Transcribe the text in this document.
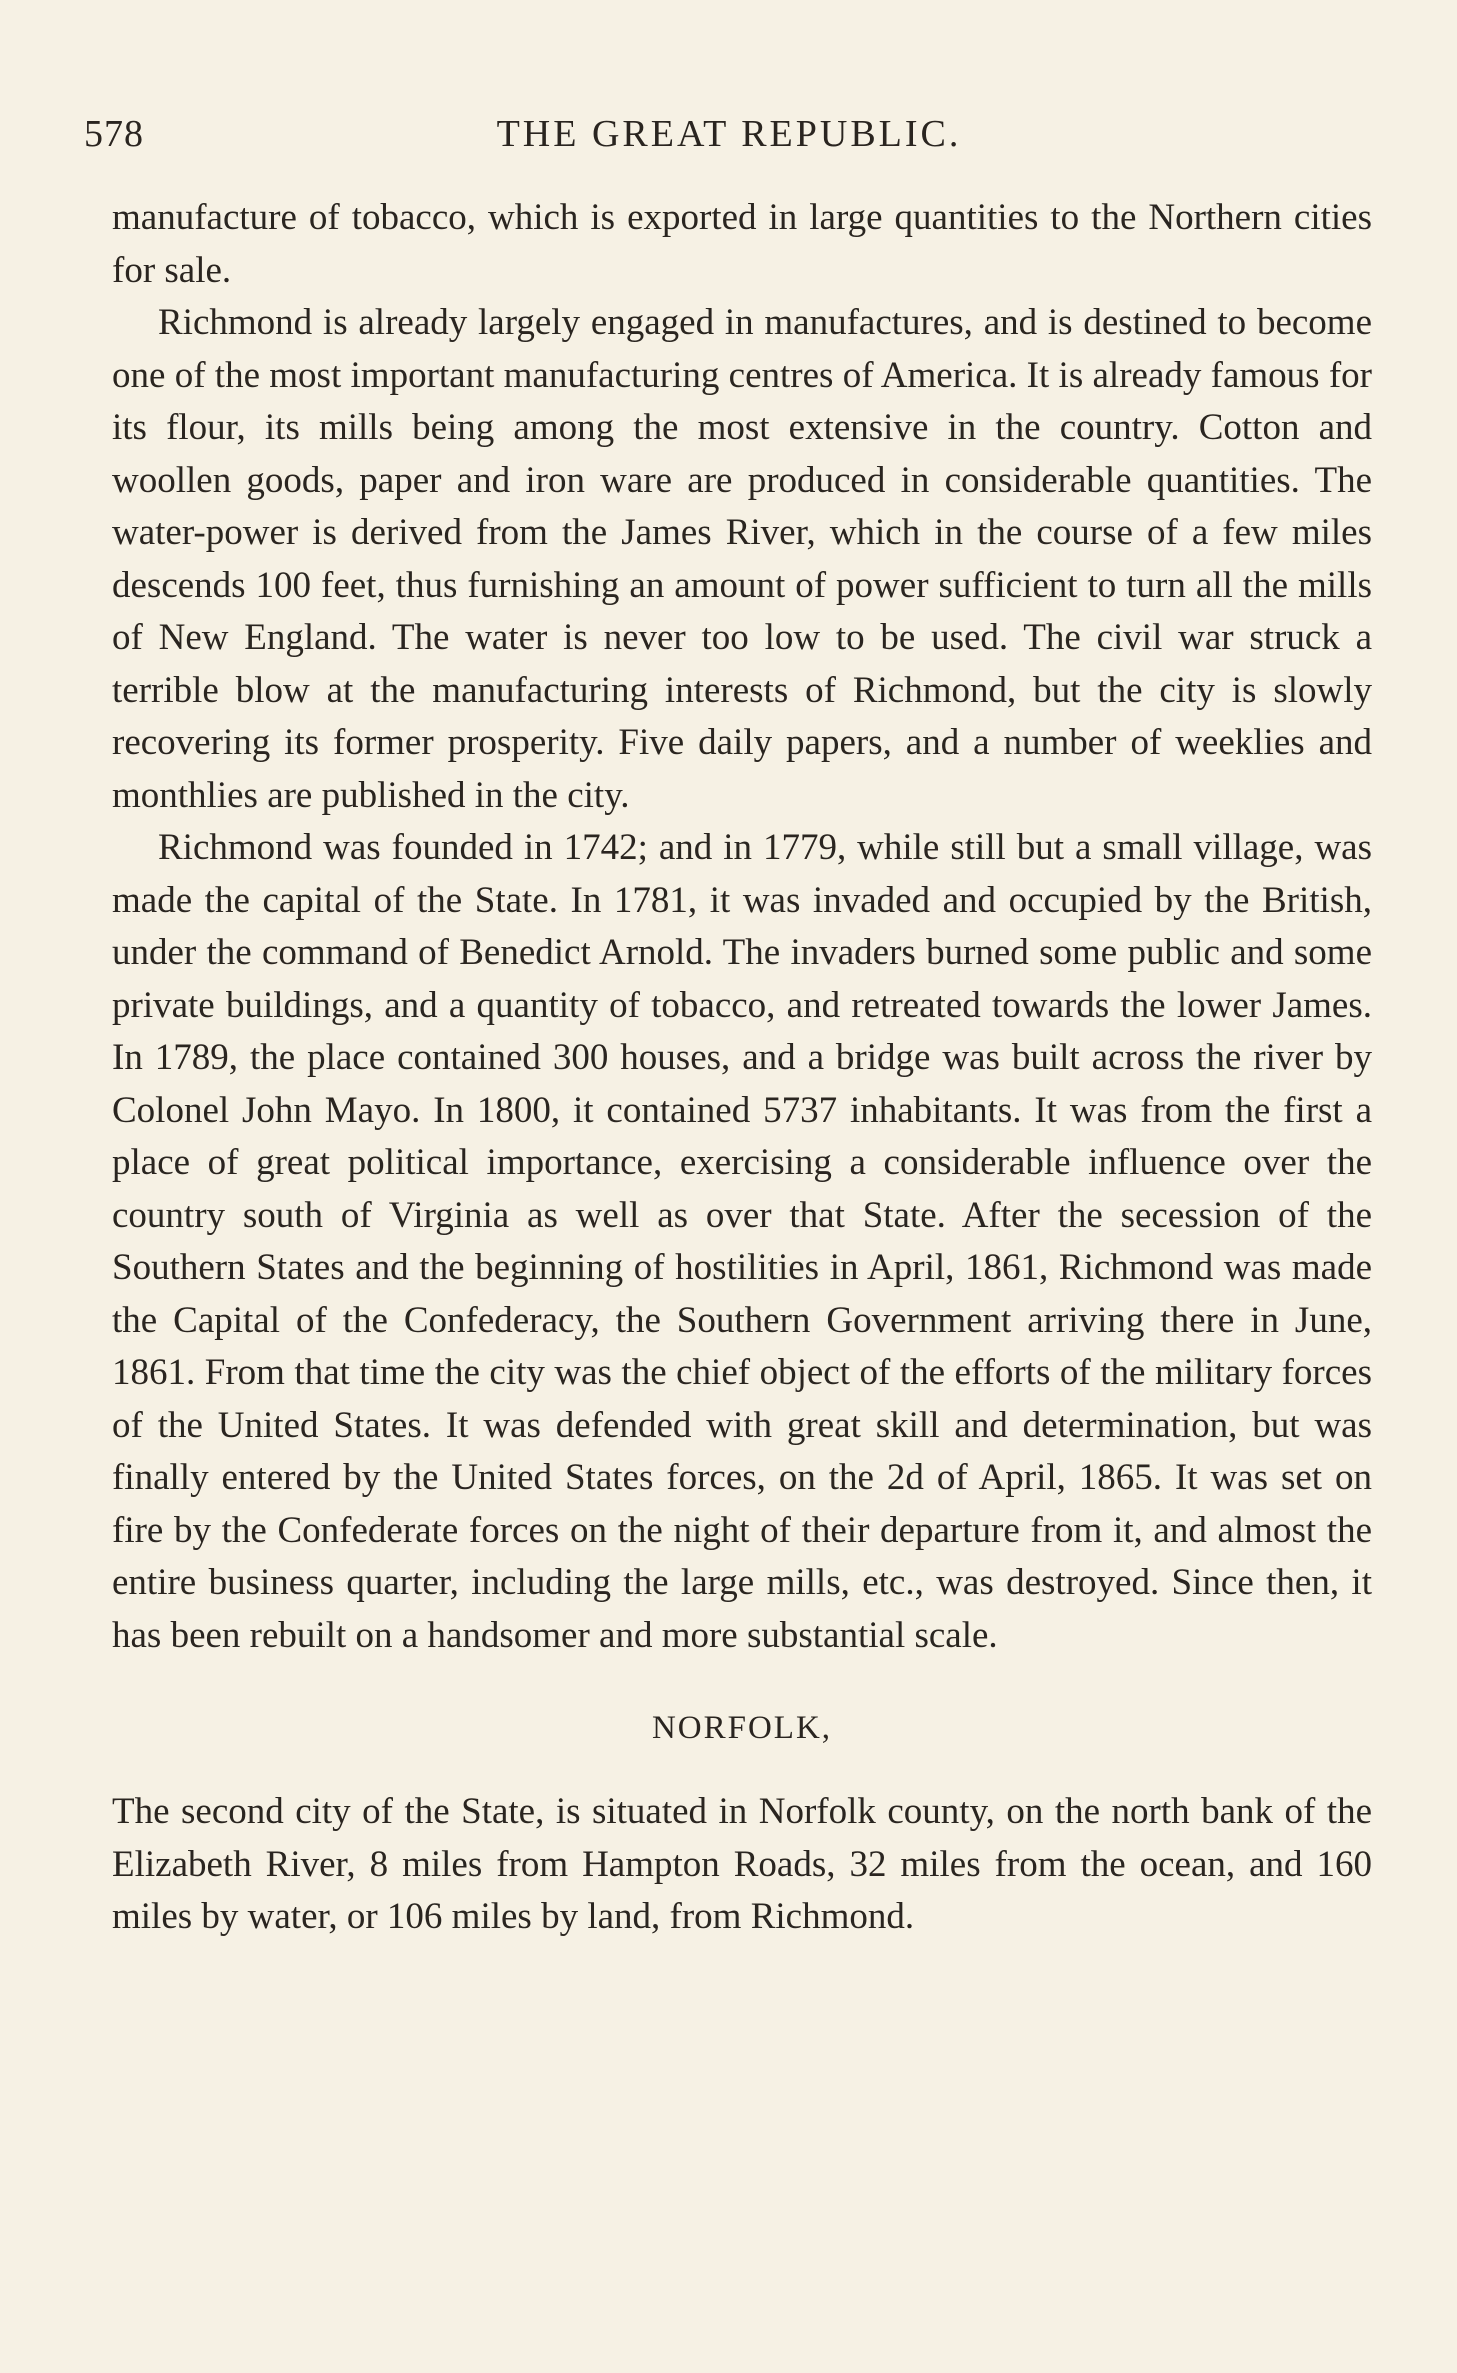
578	THE GREAT REPUBLIC.

manufacture of tobacco, which is exported in large quantities to the Northern cities for sale.

Richmond is already largely engaged in manufactures, and is destined to become one of the most important manufacturing centres of America. It is already famous for its flour, its mills being among the most extensive in the country. Cotton and woollen goods, paper and iron ware are produced in considerable quantities. The water-power is derived from the James River, which in the course of a few miles descends 100 feet, thus furnishing an amount of power sufficient to turn all the mills of New England. The water is never too low to be used. The civil war struck a terrible blow at the manufacturing interests of Richmond, but the city is slowly recovering its former prosperity. Five daily papers, and a number of weeklies and monthlies are published in the city.

Richmond was founded in 1742; and in 1779, while still but a small village, was made the capital of the State. In 1781, it was invaded and occupied by the British, under the command of Benedict Arnold. The invaders burned some public and some private buildings, and a quantity of tobacco, and retreated towards the lower James. In 1789, the place contained 300 houses, and a bridge was built across the river by Colonel John Mayo. In 1800, it contained 5737 inhabitants. It was from the first a place of great political importance, exercising a considerable influence over the country south of Virginia as well as over that State. After the secession of the Southern States and the beginning of hostilities in April, 1861, Richmond was made the Capital of the Confederacy, the Southern Government arriving there in June, 1861. From that time the city was the chief object of the efforts of the military forces of the United States. It was defended with great skill and determination, but was finally entered by the United States forces, on the 2d of April, 1865. It was set on fire by the Confederate forces on the night of their departure from it, and almost the entire business quarter, including the large mills, etc., was destroyed. Since then, it has been rebuilt on a handsomer and more substantial scale.

NORFOLK,

The second city of the State, is situated in Norfolk county, on the north bank of the Elizabeth River, 8 miles from Hampton Roads, 32 miles from the ocean, and 160 miles by water, or 106 miles by land, from Richmond.
